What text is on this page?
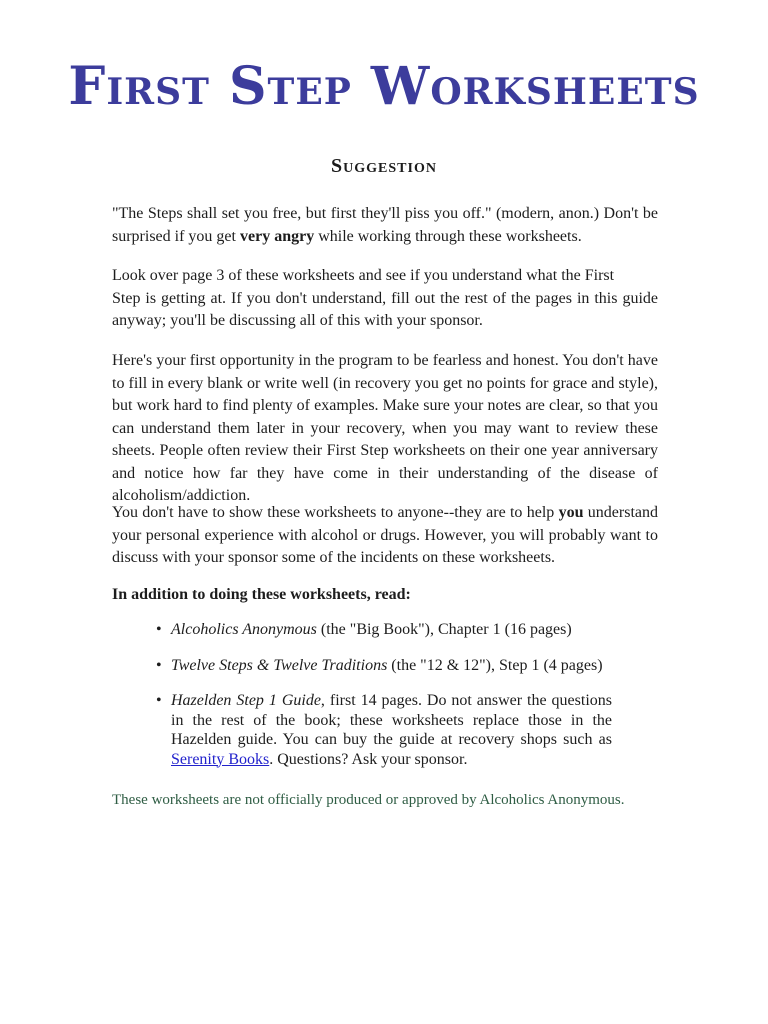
First Step Worksheets
Suggestion

"The Steps shall set you free, but first they'll piss you off." (modern, anon.) Don't be surprised if you get very angry while working through these worksheets.

Look over page 3 of these worksheets and see if you understand what the First
Step is getting at. If you don't understand, fill out the rest of the pages in this guide anyway; you'll be discussing all of this with your sponsor.

Here's your first opportunity in the program to be fearless and honest. You don't have to fill in every blank or write well (in recovery you get no points for grace and style), but work hard to find plenty of examples. Make sure your notes are clear, so that you can understand them later in your recovery, when you may want to review these sheets. People often review their First Step worksheets on their one year anniversary and notice how far they have come in their understanding of the disease of alcoholism/addiction.

You don't have to show these worksheets to anyone--they are to help you understand your personal experience with alcohol or drugs. However, you will probably want to discuss with your sponsor some of the incidents on these worksheets.

In addition to doing these worksheets, read:

• Alcoholics Anonymous (the "Big Book"), Chapter 1 (16 pages)
• Twelve Steps & Twelve Traditions (the "12 & 12"), Step 1 (4 pages)
• Hazelden Step 1 Guide, first 14 pages. Do not answer the questions in the rest of the book; these worksheets replace those in the Hazelden guide. You can buy the guide at recovery shops such as Serenity Books. Questions? Ask your sponsor.

These worksheets are not officially produced or approved by Alcoholics Anonymous.
